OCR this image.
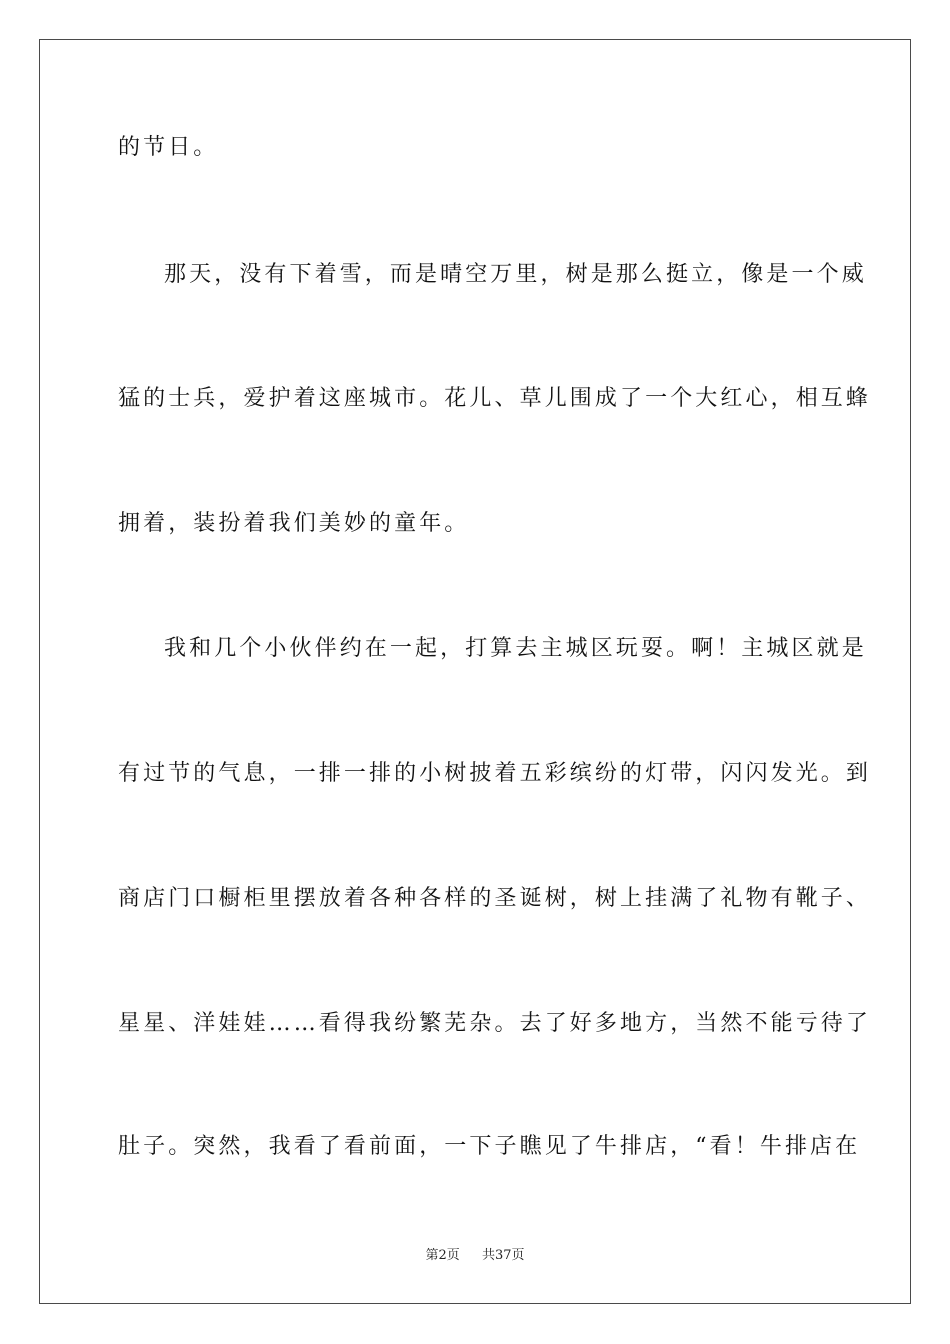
的节日。
那天，没有下着雪，而是晴空万里，树是那么挺立，像是一个威
猛的士兵，爱护着这座城市。花儿、草儿围成了一个大红心，相互蜂
拥着，装扮着我们美妙的童年。
我和几个小伙伴约在一起，打算去主城区玩耍。啊！主城区就是
有过节的气息，一排一排的小树披着五彩缤纷的灯带，闪闪发光。到
商店门口橱柜里摆放着各种各样的圣诞树，树上挂满了礼物有靴子、
星星、洋娃娃……看得我纷繁芜杂。去了好多地方，当然不能亏待了
肚子。突然，我看了看前面，一下子瞧见了牛排店，“看！牛排店在
第2页 共37页
